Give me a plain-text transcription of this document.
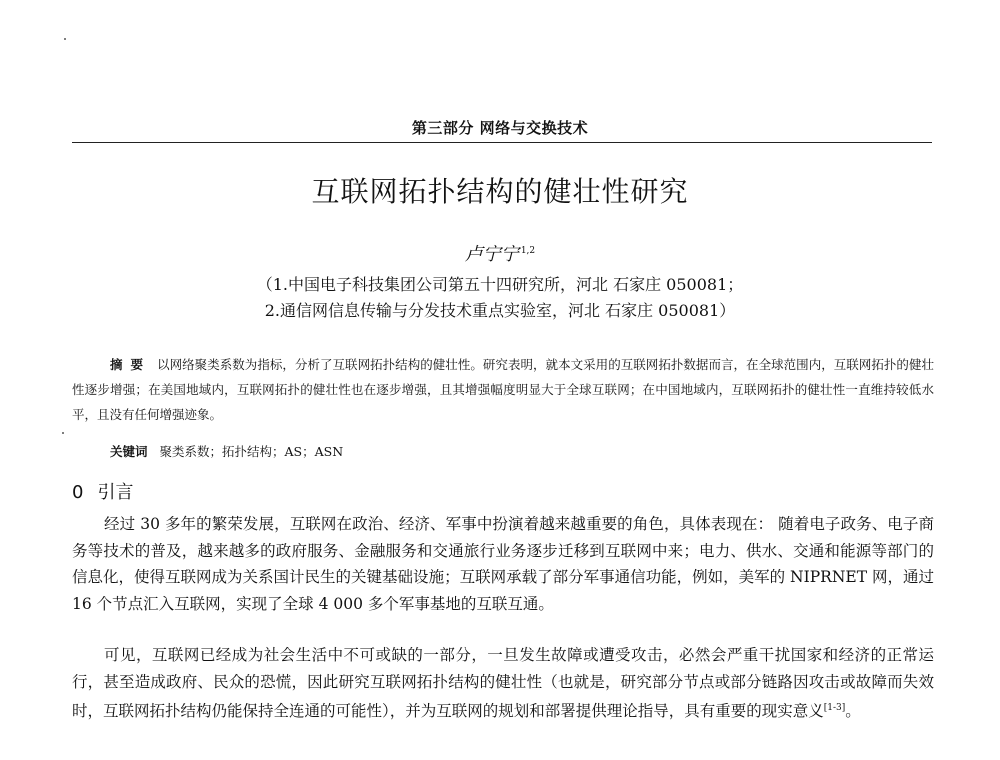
第三部分 网络与交换技术
互联网拓扑结构的健壮性研究
卢宁宁 $^{1,2}$
（1.中国电子科技集团公司第五十四研究所，河北 石家庄 050081；
2.通信网信息传输与分发技术重点实验室，河北 石家庄 050081）
摘要 以网络聚类系数为指标，分析了互联网拓扑结构的健壮性。研究表明，就本文采用的互联网拓扑数据而言，在全球范围内，互联网拓扑的健壮性逐步增强；在美国地域内，互联网拓扑的健壮性也在逐步增强，且其增强幅度明显大于全球互联网；在中国地域内，互联网拓扑的健壮性一直维持较低水平，且没有任何增强迹象。
关键词 聚类系数；拓扑结构；AS；ASN
0 引言
经过 30 多年的繁荣发展，互联网在政治、经济、军事中扮演着越来越重要的角色，具体表现在： 随着电子政务、电子商务等技术的普及，越来越多的政府服务、金融服务和交通旅行业务逐步迁移到互联网中来；电力、供水、交通和能源等部门的信息化，使得互联网成为关系国计民生的关键基础设施；互联网承载了部分军事通信功能，例如，美军的 NIPRNET 网，通过 16 个节点汇入互联网，实现了全球 4 000 多个军事基地的互联互通。
可见，互联网已经成为社会生活中不可或缺的一部分，一旦发生故障或遭受攻击，必然会严重干扰国家和经济的正常运行，甚至造成政府、民众的恐慌，因此研究互联网拓扑结构的健壮性（也就是，研究部分节点或部分链路因攻击或故障而失效时，互联网拓扑结构仍能保持全连通的可能性），并为互联网的规划和部署提供理论指导，具有重要的现实意义[1-3]。
